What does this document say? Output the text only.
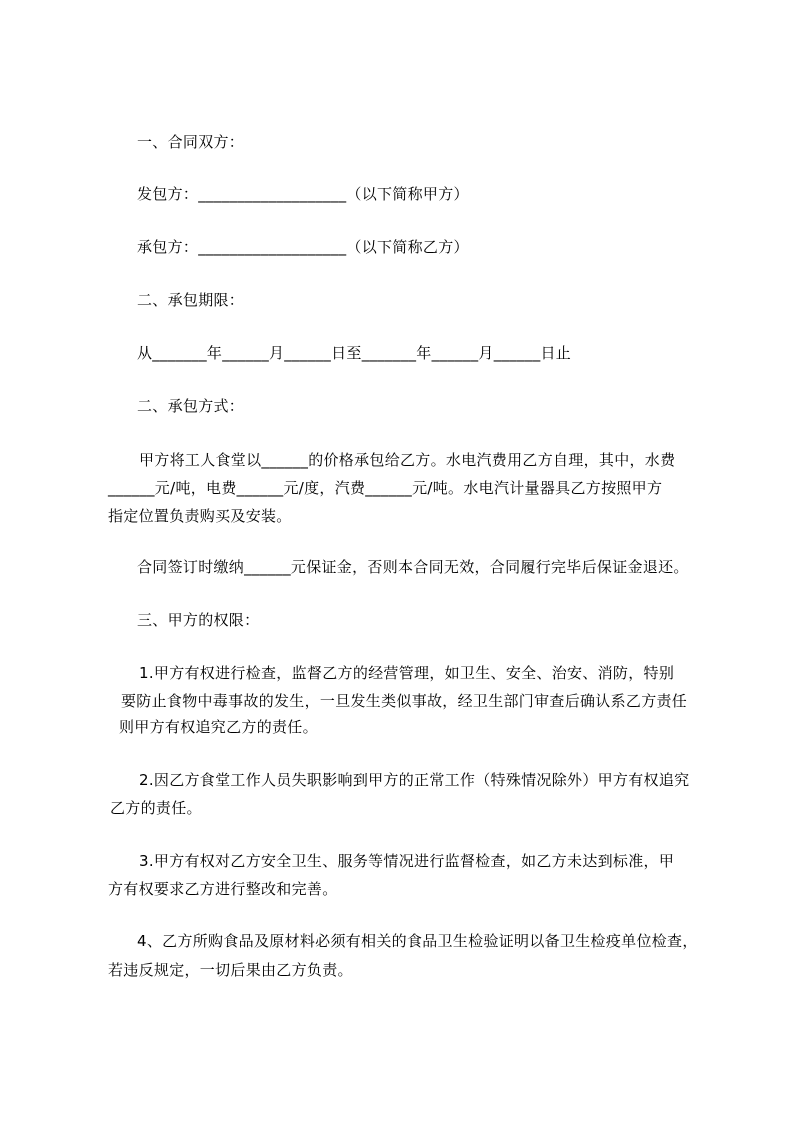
一、合同双方：
发包方：___________________（以下简称甲方）
承包方：___________________（以下简称乙方）
二、承包期限：
从_______年______月______日至_______年______月______日止
二、承包方式：
甲方将工人食堂以______的价格承包给乙方。水电汽费用乙方自理，其中，水费
______元/吨，电费______元/度，汽费______元/吨。水电汽计量器具乙方按照甲方
指定位置负责购买及安装。
合同签订时缴纳______元保证金，否则本合同无效，合同履行完毕后保证金退还。
三、甲方的权限：
1.甲方有权进行检查，监督乙方的经营管理，如卫生、安全、治安、消防，特别
要防止食物中毒事故的发生，一旦发生类似事故，经卫生部门审查后确认系乙方责任
则甲方有权追究乙方的责任。
2.因乙方食堂工作人员失职影响到甲方的正常工作（特殊情况除外）甲方有权追究
乙方的责任。
3.甲方有权对乙方安全卫生、服务等情况进行监督检查，如乙方未达到标准，甲
方有权要求乙方进行整改和完善。
4、乙方所购食品及原材料必须有相关的食品卫生检验证明以备卫生检疫单位检查，
若违反规定，一切后果由乙方负责。
